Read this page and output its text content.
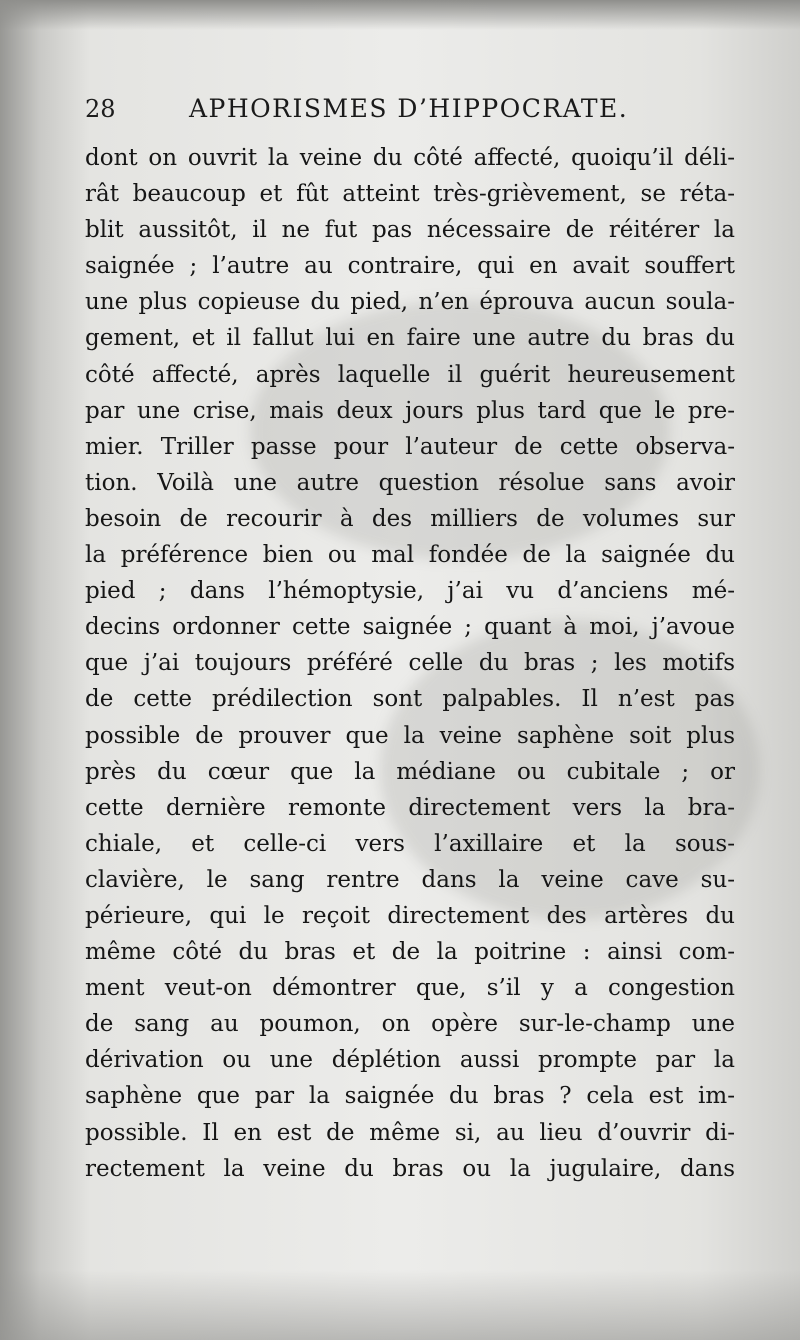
28	APHORISMES D’HIPPOCRATE.
dont on ouvrit la veine du côté affecté, quoiqu’il déli-
rât beaucoup et fût atteint très-grièvement, se réta-
blit aussitôt, il ne fut pas nécessaire de réitérer la
saignée ; l’autre au contraire, qui en avait souffert
une plus copieuse du pied, n’en éprouva aucun soula-
gement, et il fallut lui en faire une autre du bras du
côté affecté, après laquelle il guérit heureusement
par une crise, mais deux jours plus tard que le pre-
mier. Triller passe pour l’auteur de cette observa-
tion. Voilà une autre question résolue sans avoir
besoin de recourir à des milliers de volumes sur
la préférence bien ou mal fondée de la saignée du
pied ; dans l’hémoptysie, j’ai vu d’anciens mé-
decins ordonner cette saignée ; quant à moi, j’avoue
que j’ai toujours préféré celle du bras ; les motifs
de cette prédilection sont palpables. Il n’est pas
possible de prouver que la veine saphène soit plus
près du cœur que la médiane ou cubitale ; or
cette dernière remonte directement vers la bra-
chiale, et celle-ci vers l’axillaire et la sous-
clavière, le sang rentre dans la veine cave su-
périeure, qui le reçoit directement des artères du
même côté du bras et de la poitrine : ainsi com-
ment veut-on démontrer que, s’il y a congestion
de sang au poumon, on opère sur-le-champ une
dérivation ou une déplétion aussi prompte par la
saphène que par la saignée du bras ? cela est im-
possible. Il en est de même si, au lieu d’ouvrir di-
rectement la veine du bras ou la jugulaire, dans
